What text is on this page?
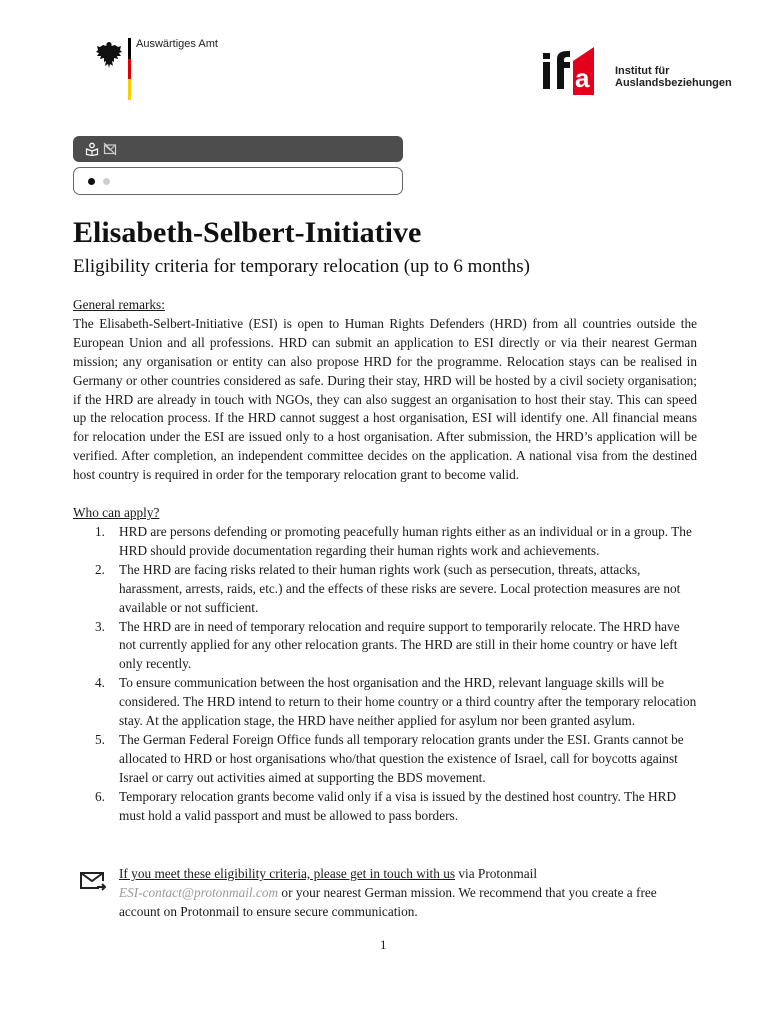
Auswärtiges Amt
a Institut für
Auslandsbeziehungen
Elisabeth-Selbert-Initiative
Eligibility criteria for temporary relocation (up to 6 months)
General remarks:

The Elisabeth-Selbert-Initiative (ESI) is open to Human Rights Defenders (HRD) from all countries outside the European Union and all professions. HRD can submit an application to ESI directly or via their nearest German mission; any organisation or entity can also propose HRD for the programme. Relocation stays can be realised in Germany or other countries considered as safe. During their stay, HRD will be hosted by a civil society organisation; if the HRD are already in touch with NGOs, they can also suggest an organisation to host their stay. This can speed up the relocation process. If the HRD cannot suggest a host organisation, ESI will identify one. All financial means for relocation under the ESI are issued only to a host organisation. After submission, the HRD’s application will be verified. After completion, an independent committee decides on the application. A national visa from the destined host country is required in order for the temporary relocation grant to become valid.

Who can apply?
1. HRD are persons defending or promoting peacefully human rights either as an individual or in a group. The HRD should provide documentation regarding their human rights work and achievements.
2. The HRD are facing risks related to their human rights work (such as persecution, threats, attacks, harassment, arrests, raids, etc.) and the effects of these risks are severe. Local protection measures are not available or not sufficient.
3. The HRD are in need of temporary relocation and require support to temporarily relocate. The HRD have not currently applied for any other relocation grants. The HRD are still in their home country or have left only recently.
4. To ensure communication between the host organisation and the HRD, relevant language skills will be considered. The HRD intend to return to their home country or a third country after the temporary relocation stay. At the application stage, the HRD have neither applied for asylum nor been granted asylum.
5. The German Federal Foreign Office funds all temporary relocation grants under the ESI. Grants cannot be allocated to HRD or host organisations who/that question the existence of Israel, call for boycotts against Israel or carry out activities aimed at supporting the BDS movement.
6. Temporary relocation grants become valid only if a visa is issued by the destined host country. The HRD must hold a valid passport and must be allowed to pass borders.
If you meet these eligibility criteria, please get in touch with us via Protonmail
ESI-contact@protonmail.com or your nearest German mission. We recommend that you create a free account on Protonmail to ensure secure communication.
1
